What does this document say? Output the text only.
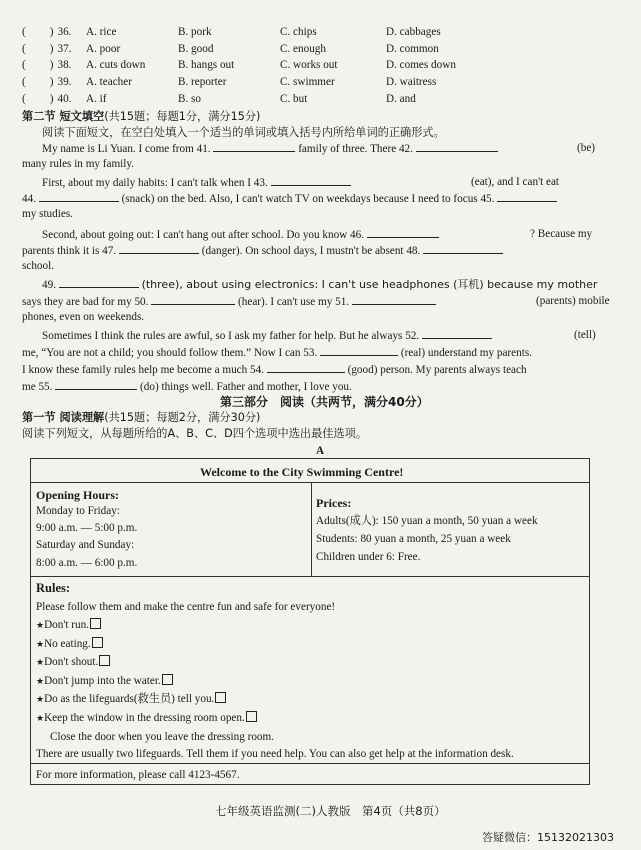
( ) 36. A. rice	B. pork	C. chips	D. cabbages
( ) 37. A. poor	B. good	C. enough	D. common
( ) 38. A. cuts down	B. hangs out	C. works out	D. comes down
( ) 39. A. teacher	B. reporter	C. swimmer	D. waitress
( ) 40. A. if	B. so	C. but	D. and
第二节 短文填空(共15题；每题1分，满分15分)
阅读下面短文，在空白处填入一个适当的单词或填入括号内所给单词的正确形式。
My name is Li Yuan. I come from 41.	family of three. There 42.	(be)
many rules in my family.
First, about my daily habits: I can't talk when I 43.	(eat), and I can't eat
44.	(snack) on the bed. Also, I can't watch TV on weekdays because I need to focus 45.
my studies.
Second, about going out: I can't hang out after school. Do you know 46.	? Because my
parents think it is 47.	(danger). On school days, I mustn't be absent 48.
school.
49.	(three), about using electronics: I can't use headphones (耳机) because my mother
says they are bad for my 50.	(hear). I can't use my 51.	(parents) mobile
phones, even on weekends.
Sometimes I think the rules are awful, so I ask my father for help. But he always 52.	(tell)
me, “You are not a child; you should follow them.” Now I can 53.	(real) understand my parents.
I know these family rules help me become a much 54.	(good) person. My parents always teach
me 55.	(do) things well. Father and mother, I love you.
第三部分　阅读（共两节，满分40分）
第一节 阅读理解(共15题；每题2分，满分30分)
阅读下列短文，从每题所给的A、B、C、D四个选项中选出最佳选项。
A
Welcome to the City Swimming Centre!
Opening Hours:
Monday to Friday:
9:00 a.m. — 5:00 p.m.
Saturday and Sunday:
8:00 a.m. — 6:00 p.m.
Prices:
Adults(成人): 150 yuan a month, 50 yuan a week
Students: 80 yuan a month, 25 yuan a week
Children under 6: Free.
Rules:
Please follow them and make the centre fun and safe for everyone!
★Don't run.
★No eating.
★Don't shout.
★Don't jump into the water.
★Do as the lifeguards(救生员) tell you.
★Keep the window in the dressing room open.
Close the door when you leave the dressing room.
There are usually two lifeguards. Tell them if you need help. You can also get help at the information desk.
For more information, please call 4123-4567.
七年级英语监测(二)人教版　第4页（共8页）
答疑微信：15132021303
